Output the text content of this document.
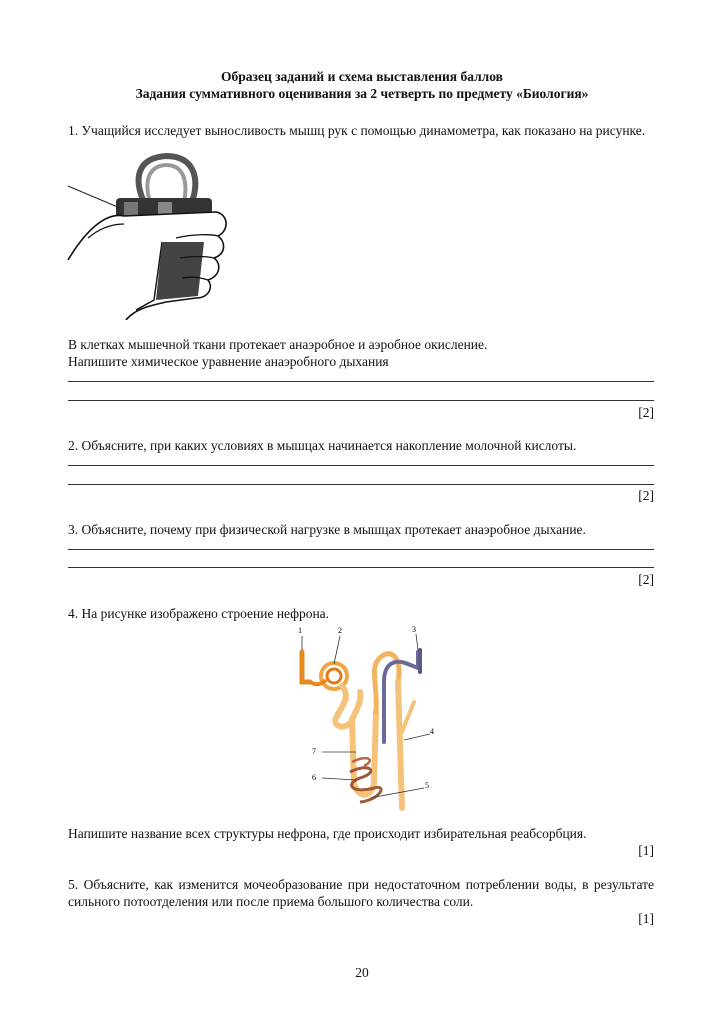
Образец заданий и схема выставления баллов
Задания суммативного оценивания за 2 четверть по предмету «Биология»
1. Учащийся исследует выносливость мышц рук с помощью динамометра, как показано на рисунке.
В клетках мышечной ткани протекает анаэробное и аэробное окисление.
Напишите химическое уравнение анаэробного дыхания
[2]
2. Объясните, при каких условиях в мышцах начинается накопление молочной кислоты.
[2]
3. Объясните, почему при физической нагрузке в мышцах протекает анаэробное дыхание.
[2]
4. На рисунке изображено строение нефрона.
1	2	3
4
5
6
7
Напишите название всех структуры нефрона, где происходит избирательная реабсорбция.
[1]
5. Объясните, как изменится мочеобразование при недостаточном потреблении воды, в результате сильного потоотделения или после приема большого количества соли.
[1]
20
